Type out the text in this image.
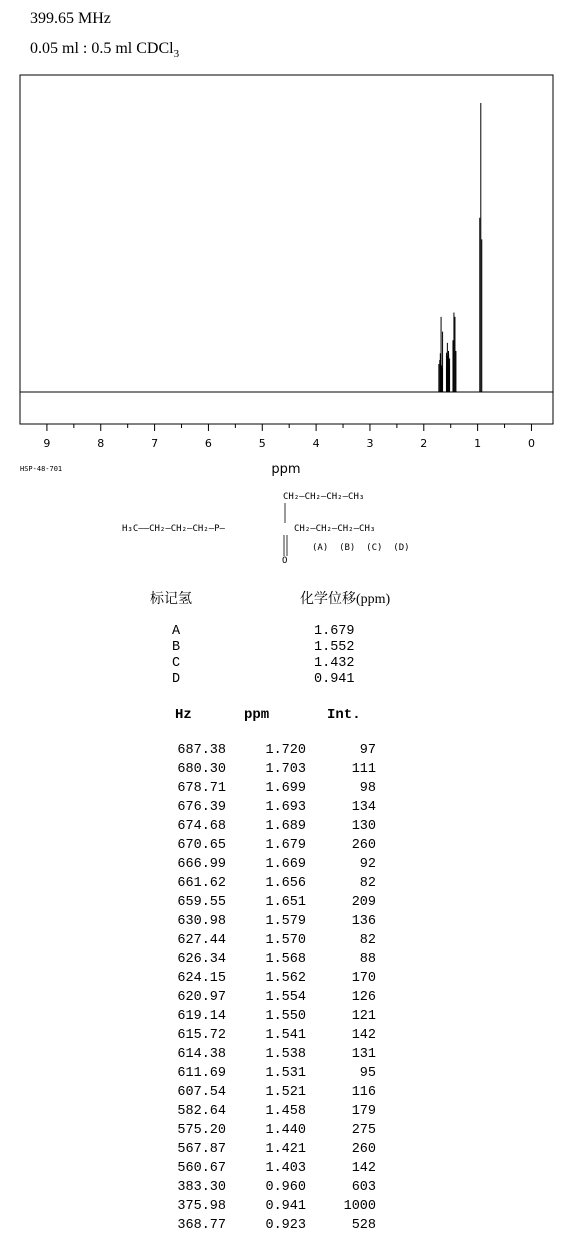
399.65 MHz
0.05 ml : 0.5 ml CDCl$_3$
9	8	7	6	5	4	3	2	1	0
ppm
HSP-48-701
CH₂—CH₂—CH₂—CH₃
H₃C——CH₂—CH₂—CH₂—P—	CH₂—CH₂—CH₂—CH₃
(A)  (B)  (C)  (D)
O
标记氢	化学位移(ppm)
A	1.679
B	1.552
C	1.432
D	0.941
Hz	ppm	Int.
687.38	1.720	97
680.30	1.703	111
678.71	1.699	98
676.39	1.693	134
674.68	1.689	130
670.65	1.679	260
666.99	1.669	92
661.62	1.656	82
659.55	1.651	209
630.98	1.579	136
627.44	1.570	82
626.34	1.568	88
624.15	1.562	170
620.97	1.554	126
619.14	1.550	121
615.72	1.541	142
614.38	1.538	131
611.69	1.531	95
607.54	1.521	116
582.64	1.458	179
575.20	1.440	275
567.87	1.421	260
560.67	1.403	142
383.30	0.960	603
375.98	0.941	1000
368.77	0.923	528
